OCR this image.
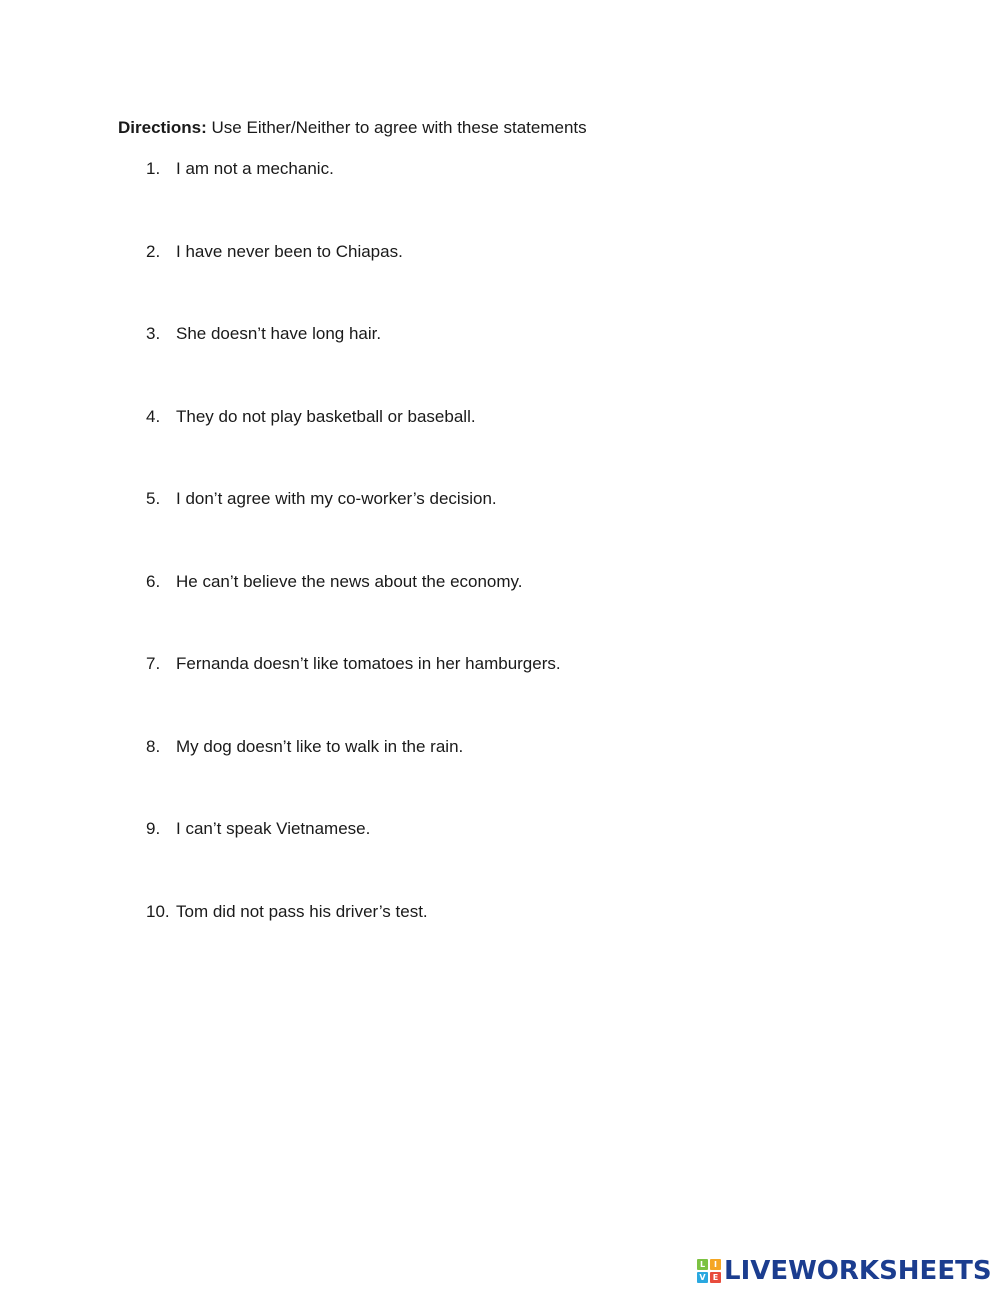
Directions: Use Either/Neither to agree with these statements
1. I am not a mechanic.
2. I have never been to Chiapas.
3. She doesn’t have long hair.
4. They do not play basketball or baseball.
5. I don’t agree with my co-worker’s decision.
6. He can’t believe the news about the economy.
7. Fernanda doesn’t like tomatoes in her hamburgers.
8. My dog doesn’t like to walk in the rain.
9. I can’t speak Vietnamese.
10. Tom did not pass his driver’s test.
L	I
V E LIVEWORKSHEETS
